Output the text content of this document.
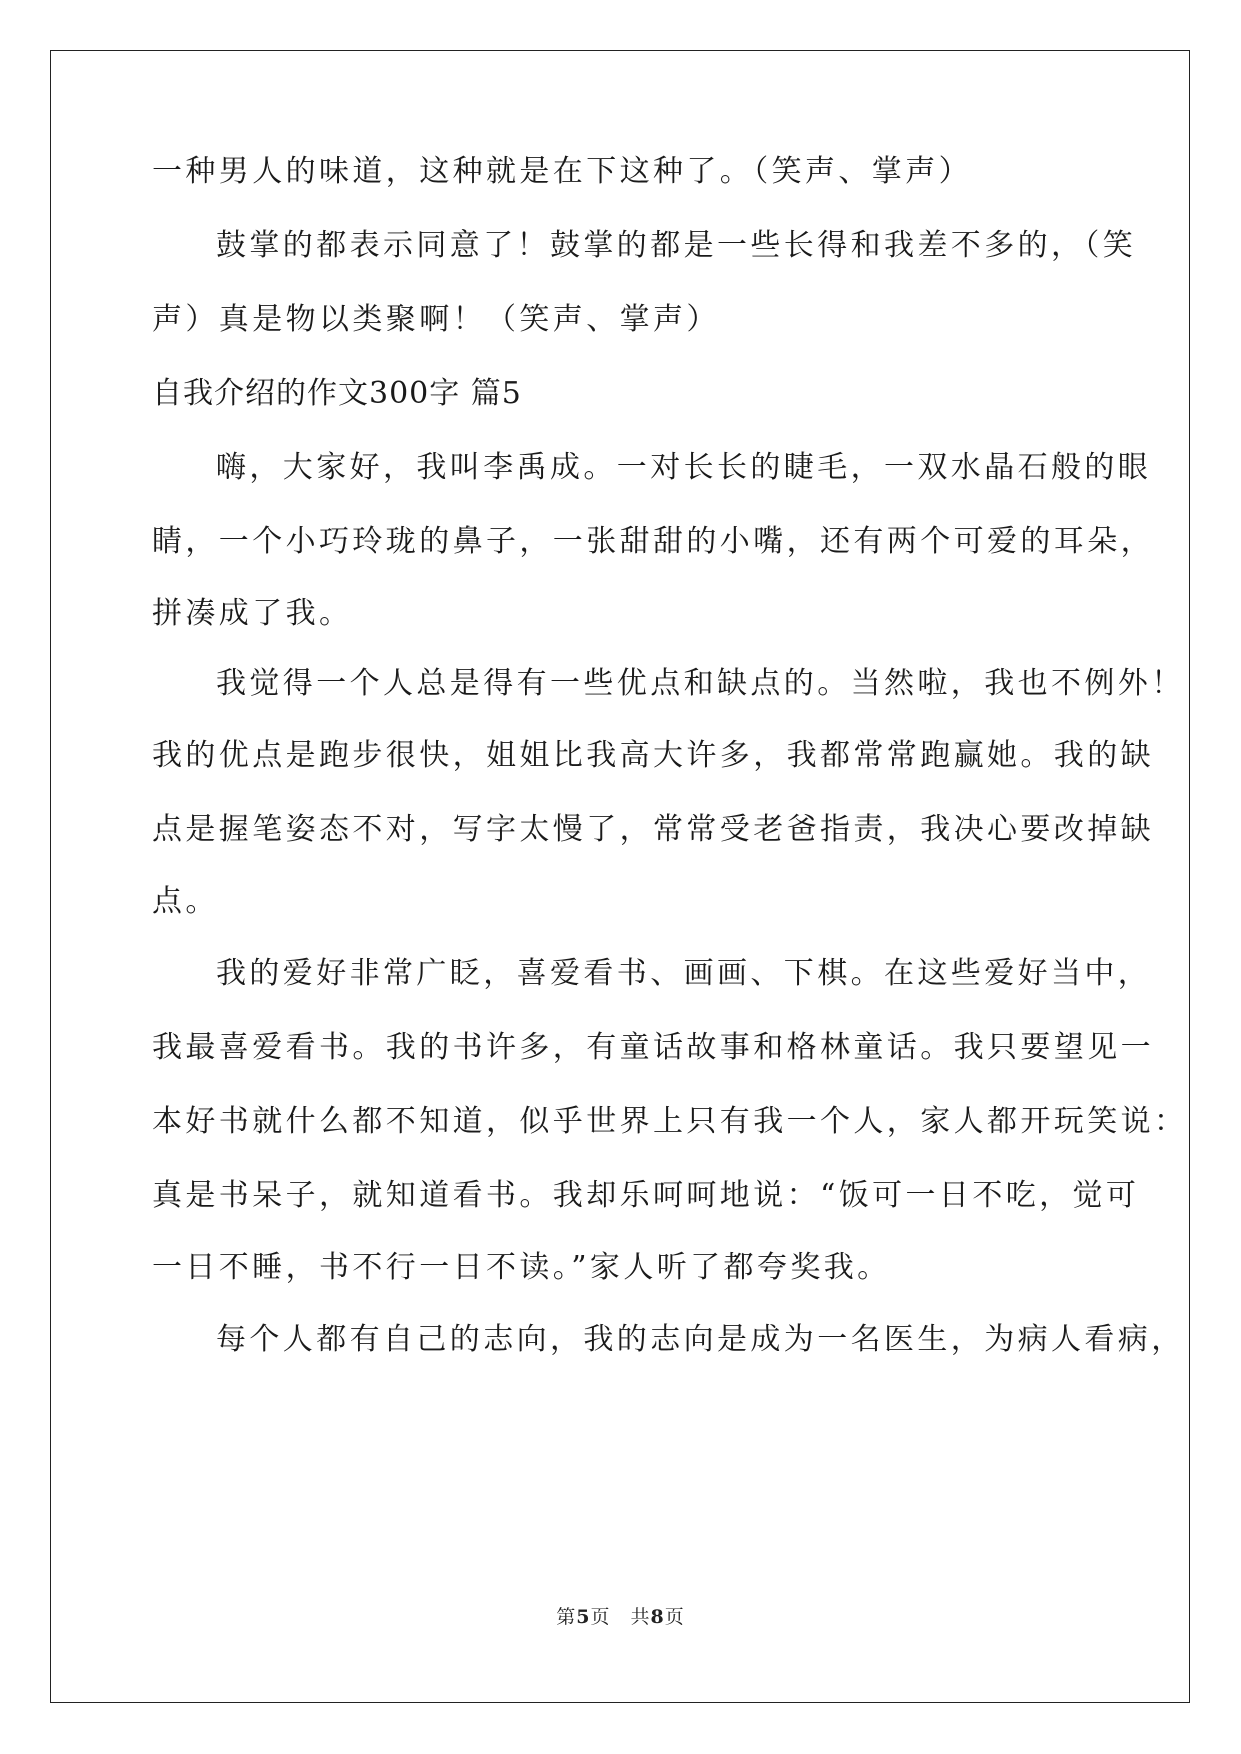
一种男人的味道，这种就是在下这种了。（笑声、掌声）
鼓掌的都表示同意了！鼓掌的都是一些长得和我差不多的，（笑
声）真是物以类聚啊！（笑声、掌声）
自我介绍的作文300字 篇5
嗨，大家好，我叫李禹成。一对长长的睫毛，一双水晶石般的眼
睛，一个小巧玲珑的鼻子，一张甜甜的小嘴，还有两个可爱的耳朵，
拼凑成了我。
我觉得一个人总是得有一些优点和缺点的。当然啦，我也不例外！
我的优点是跑步很快，姐姐比我高大许多，我都常常跑赢她。我的缺
点是握笔姿态不对，写字太慢了，常常受老爸指责，我决心要改掉缺
点。
我的爱好非常广眨，喜爱看书、画画、下棋。在这些爱好当中，
我最喜爱看书。我的书许多，有童话故事和格林童话。我只要望见一
本好书就什么都不知道，似乎世界上只有我一个人，家人都开玩笑说：
真是书呆子，就知道看书。我却乐呵呵地说：“饭可一日不吃，觉可
一日不睡，书不行一日不读。”家人听了都夸奖我。
每个人都有自己的志向，我的志向是成为一名医生，为病人看病，
第5页　共8页
